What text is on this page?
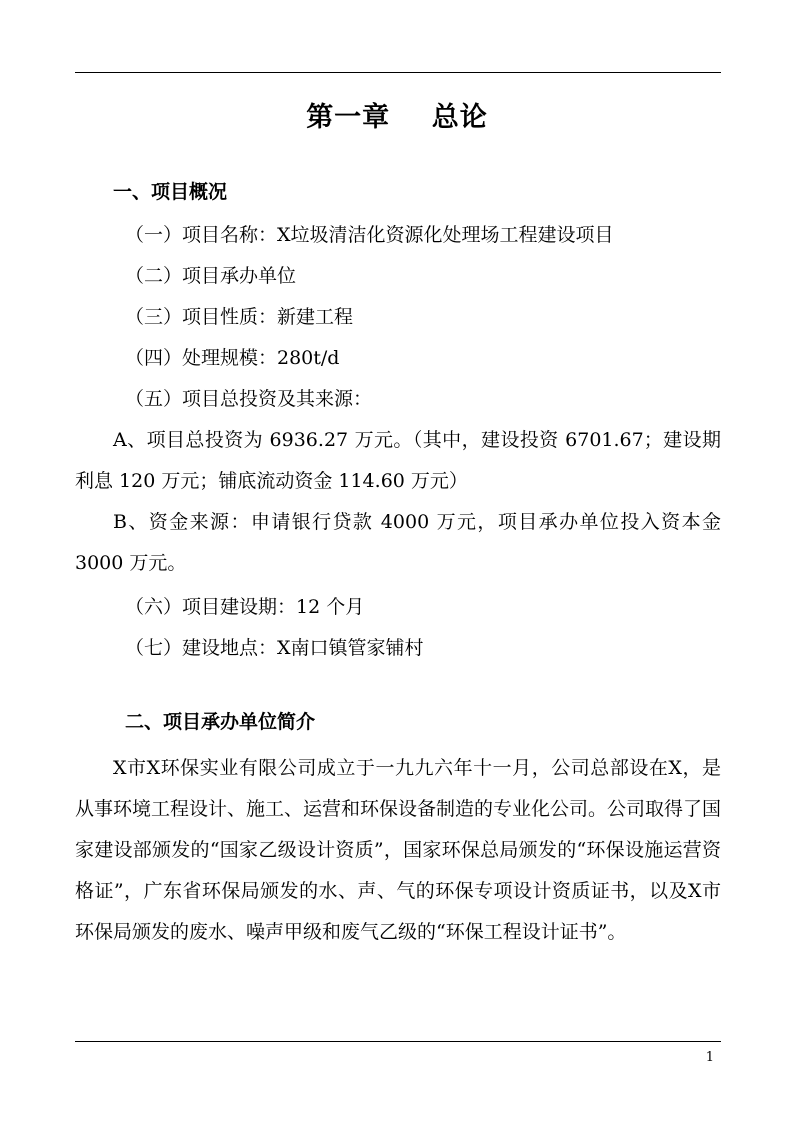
第一章    总论
一、项目概况
（一）项目名称：X垃圾清洁化资源化处理场工程建设项目
（二）项目承办单位
（三）项目性质：新建工程
（四）处理规模：280t/d
（五）项目总投资及其来源：
A、项目总投资为 6936.27 万元。（其中，建设投资 6701.67；建设期利息 120 万元；铺底流动资金 114.60 万元）
B、资金来源：申请银行贷款 4000 万元，项目承办单位投入资本金 3000 万元。
（六）项目建设期：12 个月
（七）建设地点：X南口镇管家铺村
二、项目承办单位简介
X市X环保实业有限公司成立于一九九六年十一月，公司总部设在X，是从事环境工程设计、施工、运营和环保设备制造的专业化公司。公司取得了国家建设部颁发的“国家乙级设计资质”，国家环保总局颁发的“环保设施运营资格证”，广东省环保局颁发的水、声、气的环保专项设计资质证书，以及X市环保局颁发的废水、噪声甲级和废气乙级的“环保工程设计证书”。
1
